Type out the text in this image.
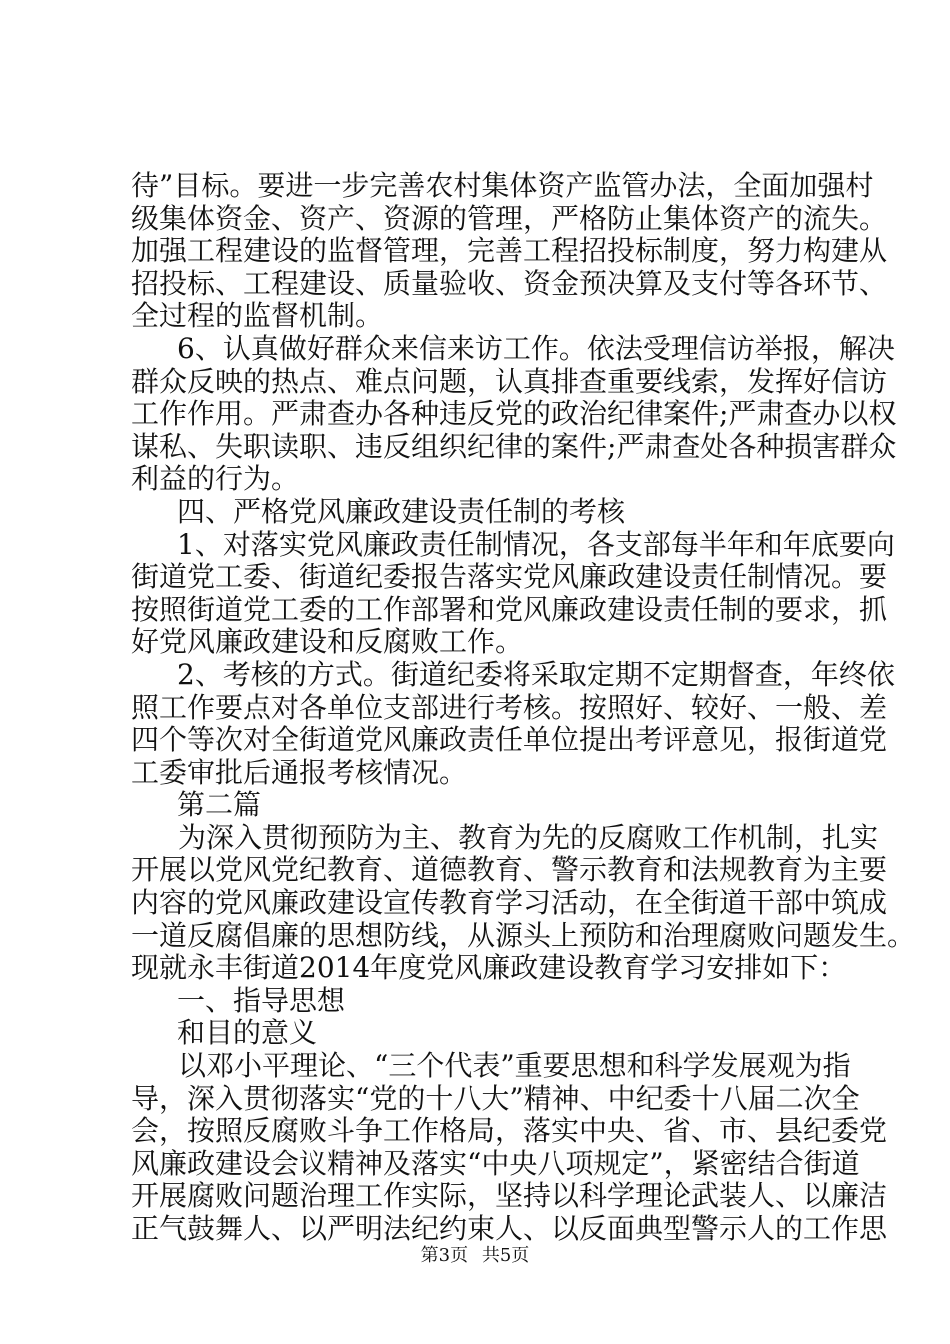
待”目标。要进一步完善农村集体资产监管办法，全面加强村
级集体资金、资产、资源的管理，严格防止集体资产的流失。
加强工程建设的监督管理，完善工程招投标制度，努力构建从
招投标、工程建设、质量验收、资金预决算及支付等各环节、
全过程的监督机制。
6、认真做好群众来信来访工作。依法受理信访举报，解决
群众反映的热点、难点问题，认真排查重要线索，发挥好信访
工作作用。严肃查办各种违反党的政治纪律案件;严肃查办以权
谋私、失职读职、违反组织纪律的案件;严肃查处各种损害群众
利益的行为。
四、严格党风廉政建设责任制的考核
1、对落实党风廉政责任制情况，各支部每半年和年底要向
街道党工委、街道纪委报告落实党风廉政建设责任制情况。要
按照街道党工委的工作部署和党风廉政建设责任制的要求，抓
好党风廉政建设和反腐败工作。
2、考核的方式。街道纪委将采取定期不定期督查，年终依
照工作要点对各单位支部进行考核。按照好、较好、一般、差
四个等次对全街道党风廉政责任单位提出考评意见，报街道党
工委审批后通报考核情况。
第二篇
为深入贯彻预防为主、教育为先的反腐败工作机制，扎实
开展以党风党纪教育、道德教育、警示教育和法规教育为主要
内容的党风廉政建设宣传教育学习活动，在全街道干部中筑成
一道反腐倡廉的思想防线，从源头上预防和治理腐败问题发生。
现就永丰街道2014年度党风廉政建设教育学习安排如下：
一、指导思想
和目的意义
以邓小平理论、“三个代表”重要思想和科学发展观为指
导，深入贯彻落实“党的十八大”精神、中纪委十八届二次全
会，按照反腐败斗争工作格局，落实中央、省、市、县纪委党
风廉政建设会议精神及落实“中央八项规定”，紧密结合街道
开展腐败问题治理工作实际，坚持以科学理论武装人、以廉洁
正气鼓舞人、以严明法纪约束人、以反面典型警示人的工作思
第3页 共5页
